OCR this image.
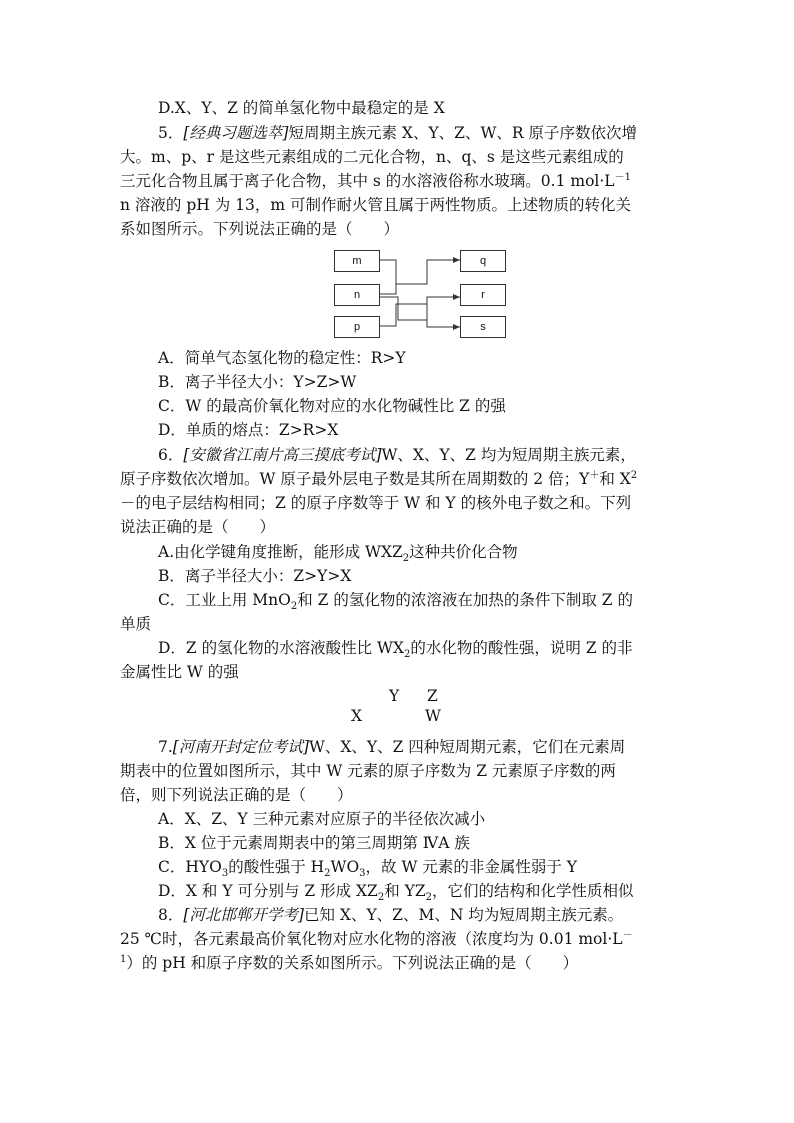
D.X、Y、Z 的简单氢化物中最稳定的是 X
5．[经典习题选萃]短周期主族元素 X、Y、Z、W、R 原子序数依次增
大。m、p、r 是这些元素组成的二元化合物，n、q、s 是这些元素组成的
三元化合物且属于离子化合物，其中 s 的水溶液俗称水玻璃。0.1 $mol\cdot L^{-1}$
n 溶液的 pH 为 13，m 可制作耐火管且属于两性物质。上述物质的转化关
系如图所示。下列说法正确的是（　　）
m
n
p
q
r
s
A．简单气态氢化物的稳定性：R>Y
B．离子半径大小：Y>Z>W
C．W 的最高价氧化物对应的水化物碱性比 Z 的强
D．单质的熔点：Z>R>X
6．[安徽省江南片高三摸底考试]W、X、Y、Z 均为短周期主族元素，
原子序数依次增加。W 原子最外层电子数是其所在周期数的 2 倍；Y＋和 $X^2$
－的电子层结构相同；Z 的原子序数等于 W 和 Y 的核外电子数之和。下列
说法正确的是（　　）
A.由化学键角度推断，能形成 $WXZ_2$这种共价化合物
B．离子半径大小：Z>Y>X
C．工业上用 MnO$_2$和 Z 的氢化物的浓溶液在加热的条件下制取 Z 的
单质
D．Z 的氢化物的水溶液酸性比 $WX_2$的水化物的酸性强，说明 Z 的非
金属性比 W 的强
Y Z
X	W
7.[河南开封定位考试]W、X、Y、Z 四种短周期元素，它们在元素周
期表中的位置如图所示，其中 W 元素的原子序数为 Z 元素原子序数的两
倍，则下列说法正确的是（　　）
A．X、Z、Y 三种元素对应原子的半径依次减小
B．X 位于元素周期表中的第三周期第 ⅣA 族
C．$HYO_3$的酸性强于 $H_2WO_3$，故 W 元素的非金属性弱于 Y
D．X 和 Y 可分别与 Z 形成 $XZ_2$和 $YZ_2$，它们的结构和化学性质相似
8．[河北邯郸开学考]已知 X、Y、Z、M、N 均为短周期主族元素。
25 ℃时，各元素最高价氧化物对应水化物的溶液（浓度均为 0.01 mol·L－
$^1$）的 pH 和原子序数的关系如图所示。下列说法正确的是（　　）
